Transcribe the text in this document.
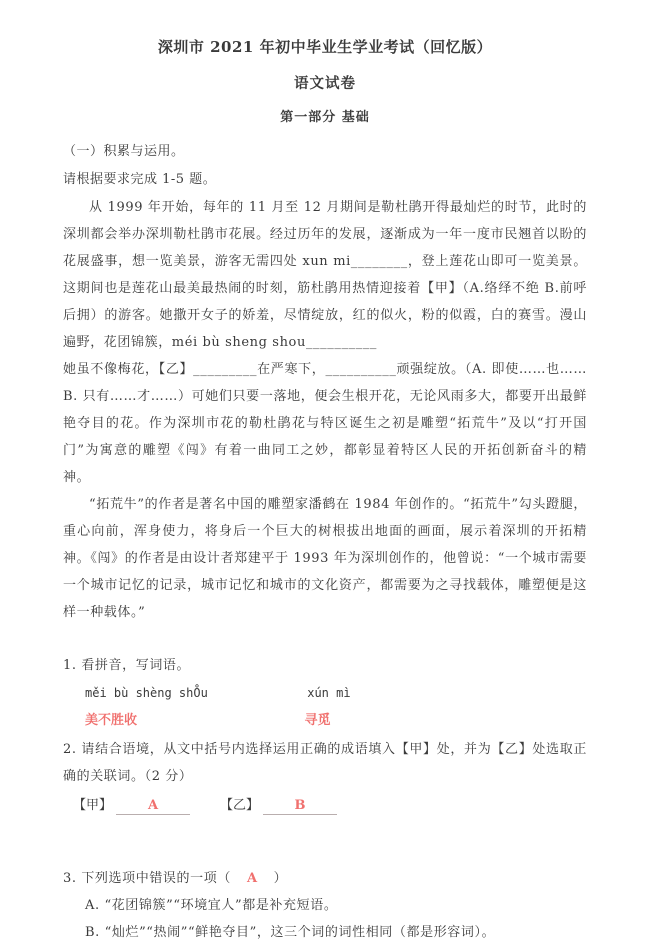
深圳市 2021 年初中毕业生学业考试（回忆版）
语文试卷
第一部分 基础

（一）积累与运用。

请根据要求完成 1-5 题。

从 1999 年开始，每年的 11 月至 12 月期间是勒杜鹃开得最灿烂的时节，此时的深圳都会举办深圳勒杜鹃市花展。经过历年的发展，逐渐成为一年一度市民翘首以盼的花展盛事，想一览美景，游客无需四处 xun mi________，登上莲花山即可一览美景。这期间也是莲花山最美最热闹的时刻，筋杜鹃用热情迎接着【甲】（A.络绎不绝 B.前呼后拥）的游客。她撒开女子的娇羞，尽情绽放，红的似火，粉的似霞，白的赛雪。漫山遍野，花团锦簇，méi bù sheng shou__________

她虽不像梅花，【乙】_________在严寒下，__________顽强绽放。（A. 即使……也……　B. 只有……才……）可她们只要一落地，便会生根开花，无论风雨多大，都要开出最鲜艳夺目的花。作为深圳市花的勒杜鹃花与特区诞生之初是雕塑“拓荒牛”及以“打开国门”为寓意的雕塑《闯》有着一曲同工之妙，都彰显着特区人民的开拓创新奋斗的精神。

“拓荒牛”的作者是著名中国的雕塑家潘鹤在 1984 年创作的。“拓荒牛”勾头蹬腿，重心向前，浑身使力，将身后一个巨大的树根拔出地面的画面，展示着深圳的开拓精神。《闯》的作者是由设计者郑建平于 1993 年为深圳创作的，他曾说：“一个城市需要一个城市记忆的记录，城市记忆和城市的文化资产，都需要为之寻找载体，雕塑便是这样一种载体。”

1. 看拼音，写词语。

měi bù shèng shO̊u	xún mì
美不胜收	寻觅

2. 请结合语境，从文中括号内选择运用正确的成语填入【甲】处，并为【乙】处选取正确的关联词。（2 分）

【甲】	A	【乙】	B

3. 下列选项中错误的一项（ A ）

A. “花团锦簇”“环境宜人”都是补充短语。

B. “灿烂”“热闹”“鲜艳夺目”，这三个词的词性相同（都是形容词）。
